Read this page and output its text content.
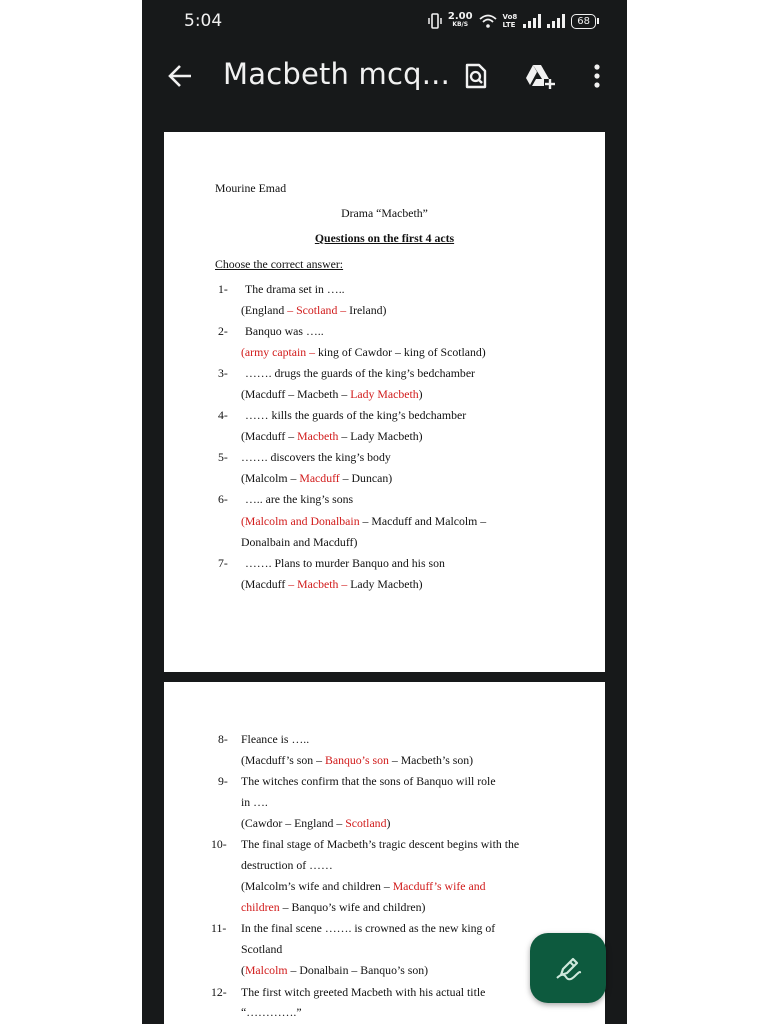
5:04	2.00
KB/S
Vo8
LTE	68
Macbeth mcq...
Mourine Emad
Drama “Macbeth”
Questions on the first 4 acts
Choose the correct answer:
1- The drama set in …..
(England – Scotland – Ireland)
2- Banquo was …..
(army captain – king of Cawdor – king of Scotland)
3- ……. drugs the guards of the king’s bedchamber
(Macduff – Macbeth – Lady Macbeth)
4- …… kills the guards of the king’s bedchamber
(Macduff – Macbeth – Lady Macbeth)
5- ……. discovers the king’s body
(Malcolm – Macduff – Duncan)
6- ….. are the king’s sons
(Malcolm and Donalbain – Macduff and Malcolm –
Donalbain and Macduff)
7- ……. Plans to murder Banquo and his son
(Macduff – Macbeth – Lady Macbeth)
8- Fleance is …..
(Macduff’s son – Banquo’s son – Macbeth’s son)
9- The witches confirm that the sons of Banquo will role
in ….
(Cawdor – England – Scotland)
10- The final stage of Macbeth’s tragic descent begins with the
destruction of ……
(Malcolm’s wife and children – Macduff’s wife and
children – Banquo’s wife and children)
11- In the final scene ……. is crowned as the new king of
Scotland
(Malcolm – Donalbain – Banquo’s son)
12- The first witch greeted Macbeth with his actual title
“………….”
